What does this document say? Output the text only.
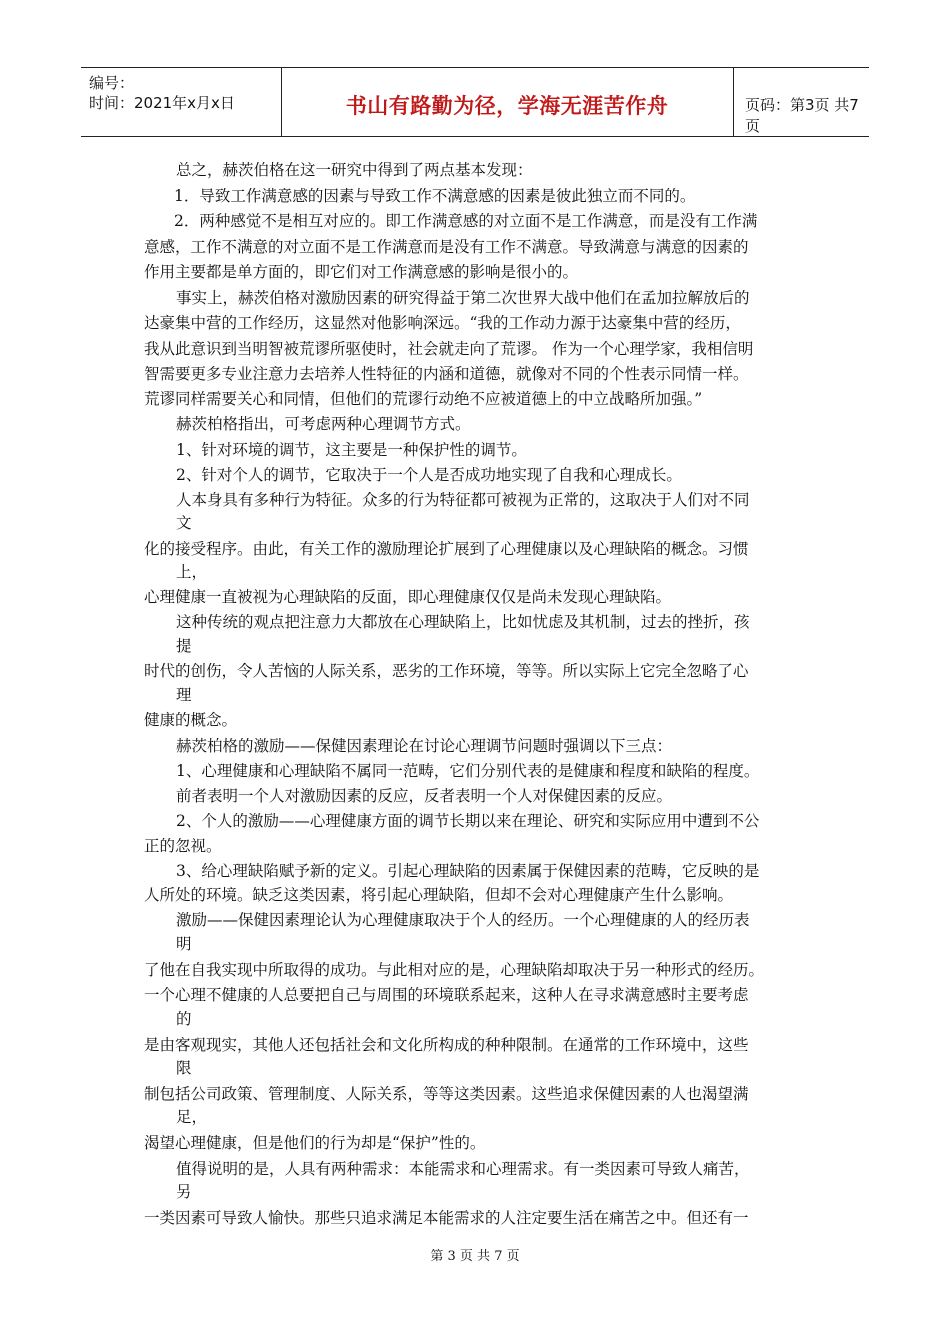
编号：
时间：2021年x月x日	书山有路勤为径，学海无涯苦作舟	页码：第3页 共7页
总之，赫茨伯格在这一研究中得到了两点基本发现：
1．导致工作满意感的因素与导致工作不满意感的因素是彼此独立而不同的。
2．两种感觉不是相互对应的。即工作满意感的对立面不是工作满意，而是没有工作满
意感，工作不满意的对立面不是工作满意而是没有工作不满意。导致满意与满意的因素的
作用主要都是单方面的，即它们对工作满意感的影响是很小的。
事实上，赫茨伯格对激励因素的研究得益于第二次世界大战中他们在孟加拉解放后的
达豪集中营的工作经历，这显然对他影响深远。“我的工作动力源于达豪集中营的经历，
我从此意识到当明智被荒谬所驱使时，社会就走向了荒谬。 作为一个心理学家，我相信明
智需要更多专业注意力去培养人性特征的内涵和道德，就像对不同的个性表示同情一样。
荒谬同样需要关心和同情，但他们的荒谬行动绝不应被道德上的中立战略所加强。”
赫茨柏格指出，可考虑两种心理调节方式。
1、针对环境的调节，这主要是一种保护性的调节。
2、针对个人的调节，它取决于一个人是否成功地实现了自我和心理成长。
人本身具有多种行为特征。众多的行为特征都可被视为正常的，这取决于人们对不同
文
化的接受程序。由此，有关工作的激励理论扩展到了心理健康以及心理缺陷的概念。习惯
上，
心理健康一直被视为心理缺陷的反面，即心理健康仅仅是尚未发现心理缺陷。
这种传统的观点把注意力大都放在心理缺陷上，比如忧虑及其机制，过去的挫折，孩
提
时代的创伤，令人苦恼的人际关系，恶劣的工作环境，等等。所以实际上它完全忽略了心
理
健康的概念。
赫茨柏格的激励——保健因素理论在讨论心理调节问题时强调以下三点：
1、心理健康和心理缺陷不属同一范畴，它们分别代表的是健康和程度和缺陷的程度。
前者表明一个人对激励因素的反应，反者表明一个人对保健因素的反应。
2、个人的激励——心理健康方面的调节长期以来在理论、研究和实际应用中遭到不公
正的忽视。
3、给心理缺陷赋予新的定义。引起心理缺陷的因素属于保健因素的范畴，它反映的是
人所处的环境。缺乏这类因素，将引起心理缺陷，但却不会对心理健康产生什么影响。
激励——保健因素理论认为心理健康取决于个人的经历。一个心理健康的人的经历表
明
了他在自我实现中所取得的成功。与此相对应的是，心理缺陷却取决于另一种形式的经历。
一个心理不健康的人总要把自己与周围的环境联系起来，这种人在寻求满意感时主要考虑
的
是由客观现实，其他人还包括社会和文化所构成的种种限制。在通常的工作环境中，这些
限
制包括公司政策、管理制度、人际关系，等等这类因素。这些追求保健因素的人也渴望满
足，
渴望心理健康，但是他们的行为却是“保护”性的。
值得说明的是，人具有两种需求：本能需求和心理需求。有一类因素可导致人痛苦，
另
一类因素可导致人愉快。那些只追求满足本能需求的人注定要生活在痛苦之中。但还有一
第 3 页 共 7 页
